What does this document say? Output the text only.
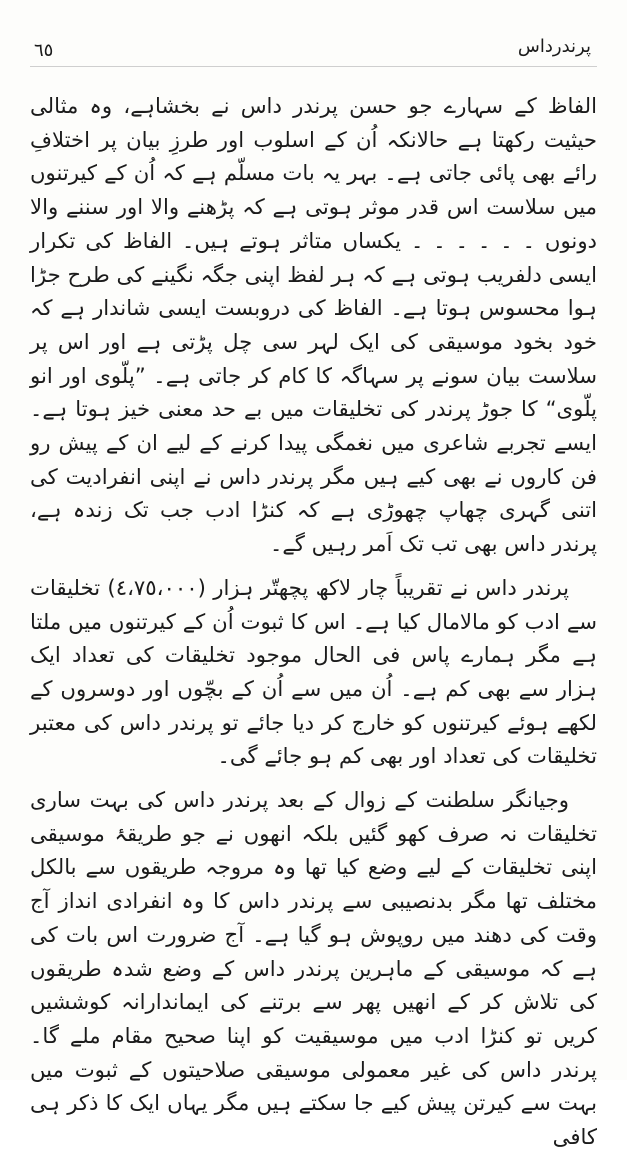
٦٥	پرندرداس

الفاظ کے سہارے جو حسن پرندر داس نے بخشاہے، وہ مثالی حیثیت رکھتا ہے حالانکہ اُن کے اسلوب اور طرزِ بیان پر اختلافِ رائے بھی پائی جاتی ہے۔ بہر یہ بات مسلّم ہے کہ اُن کے کیرتنوں میں سلاست اس قدر موثر ہوتی ہے کہ پڑھنے والا اور سننے والا دونوں ۔ ۔ ۔ ۔ ۔ ۔ یکساں متاثر ہوتے ہیں۔ الفاظ کی تکرار ایسی دلفریب ہوتی ہے کہ ہر لفظ اپنی جگہ نگینے کی طرح جڑا ہوا محسوس ہوتا ہے۔ الفاظ کی دروبست ایسی شاندار ہے کہ خود بخود موسیقی کی ایک لہر سی چل پڑتی ہے اور اس پر سلاست بیان سونے پر سہاگہ کا کام کر جاتی ہے۔ ”پلّوی اور انو پلّوی“ کا جوڑ پرندر کی تخلیقات میں بے حد معنی خیز ہوتا ہے۔ ایسے تجربے شاعری میں نغمگی پیدا کرنے کے لیے ان کے پیش رو فن کاروں نے بھی کیے ہیں مگر پرندر داس نے اپنی انفرادیت کی اتنی گہری چھاپ چھوڑی ہے کہ کنڑا ادب جب تک زندہ ہے، پرندر داس بھی تب تک اَمر رہیں گے۔

پرندر داس نے تقریباً چار لاکھ پچھتّر ہزار (٤،٧٥،٠٠٠) تخلیقات سے ادب کو مالامال کیا ہے۔ اس کا ثبوت اُن کے کیرتنوں میں ملتا ہے مگر ہمارے پاس فی الحال موجود تخلیقات کی تعداد ایک ہزار سے بھی کم ہے۔ اُن میں سے اُن کے بچّوں اور دوسروں کے لکھے ہوئے کیرتنوں کو خارج کر دیا جائے تو پرندر داس کی معتبر تخلیقات کی تعداد اور بھی کم ہو جائے گی۔

وجیانگر سلطنت کے زوال کے بعد پرندر داس کی بہت ساری تخلیقات نہ صرف کھو گئیں بلکہ انھوں نے جو طریقۂ موسیقی اپنی تخلیقات کے لیے وضع کیا تھا وہ مروجہ طریقوں سے بالکل مختلف تھا مگر بدنصیبی سے پرندر داس کا وہ انفرادی انداز آج وقت کی دھند میں روپوش ہو گیا ہے۔ آج ضرورت اس بات کی ہے کہ موسیقی کے ماہرین پرندر داس کے وضع شدہ طریقوں کی تلاش کر کے انھیں پھر سے برتنے کی ایماندارانہ کوششیں کریں تو کنڑا ادب میں موسیقیت کو اپنا صحیح مقام ملے گا۔ پرندر داس کی غیر معمولی موسیقی صلاحیتوں کے ثبوت میں بہت سے کیرتن پیش کیے جا سکتے ہیں مگر یہاں ایک کا ذکر ہی کافی
